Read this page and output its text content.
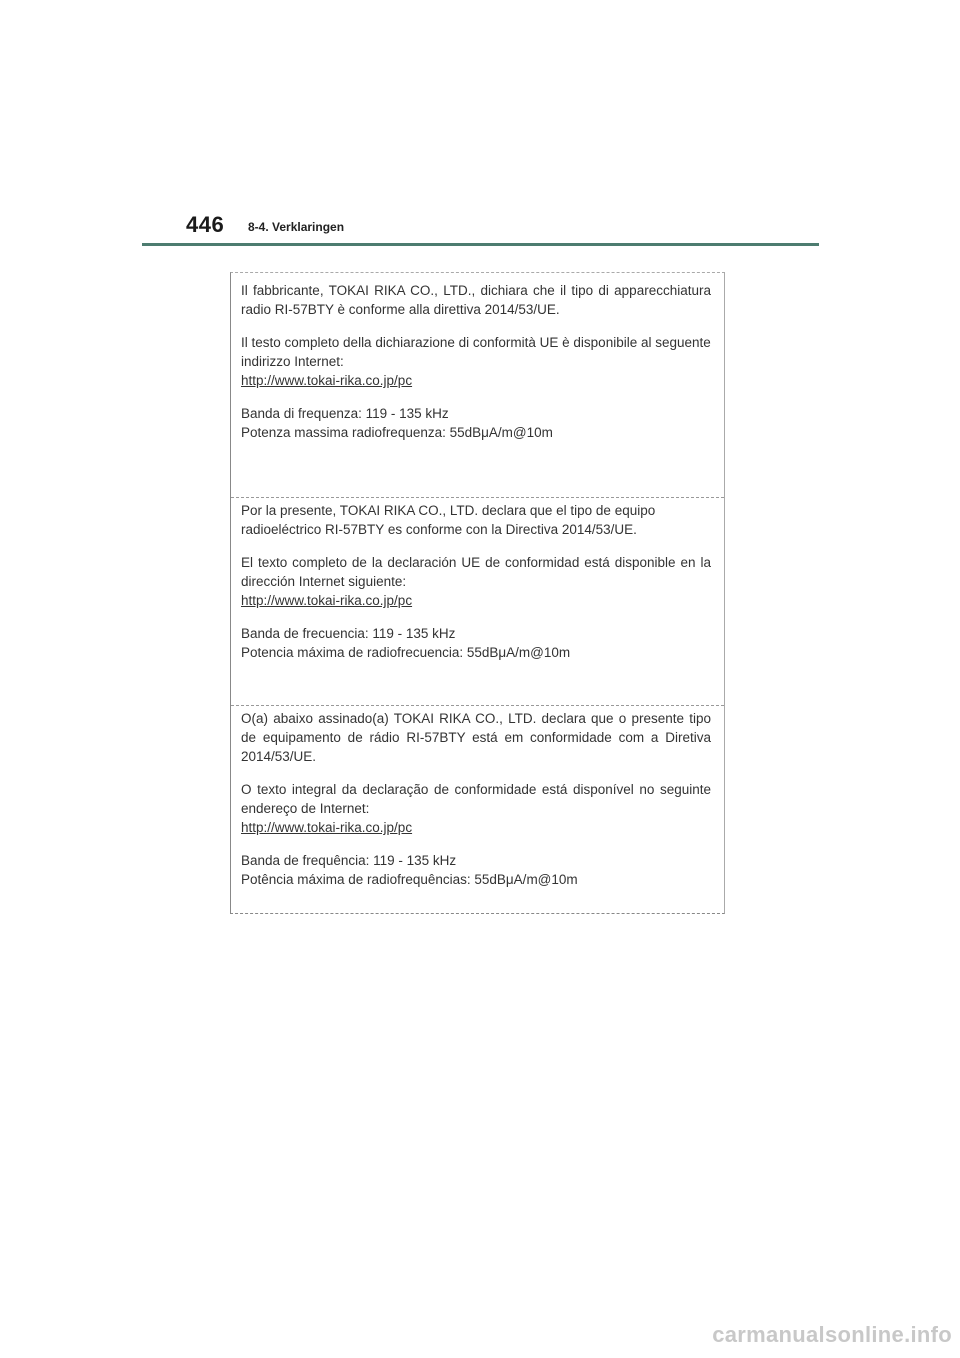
446 8-4. Verklaringen

Il fabbricante, TOKAI RIKA CO., LTD., dichiara che il tipo di apparecchiatura radio RI-57BTY è conforme alla direttiva 2014/53/UE.

Il testo completo della dichiarazione di conformità UE è disponibile al seguente indirizzo Internet:

http://www.tokai-rika.co.jp/pc

Banda di frequenza: 119 - 135 kHz

Potenza massima radiofrequenza: 55dBμA/m@10m

Por la presente, TOKAI RIKA CO., LTD. declara que el tipo de equipo radioeléctrico RI-57BTY es conforme con la Directiva 2014/53/UE.

El texto completo de la declaración UE de conformidad está disponible en la dirección Internet siguiente:

http://www.tokai-rika.co.jp/pc

Banda de frecuencia: 119 - 135 kHz

Potencia máxima de radiofrecuencia: 55dBμA/m@10m

O(a) abaixo assinado(a) TOKAI RIKA CO., LTD. declara que o presente tipo de equipamento de rádio RI-57BTY está em conformidade com a Diretiva 2014/53/UE.

O texto integral da declaração de conformidade está disponível no seguinte endereço de Internet:

http://www.tokai-rika.co.jp/pc

Banda de frequência: 119 - 135 kHz

Potência máxima de radiofrequências: 55dBμA/m@10m

carmanualsonline.info
